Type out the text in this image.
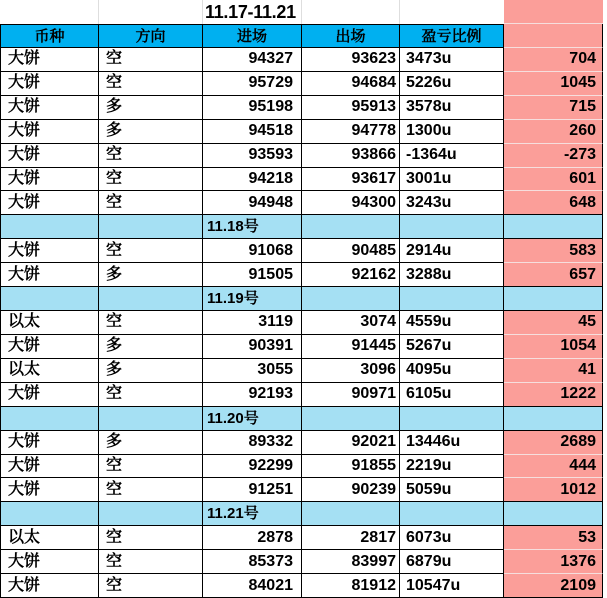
11.17-11.21
币种	方向	进场	出场	盈亏比例
大饼	空	94327	93623 3473u	704
大饼	空	95729	94684 5226u	1045
大饼	多	95198	95913 3578u	715
大饼	多	94518	94778 1300u	260
大饼	空	93593	93866 -1364u	-273
大饼	空	94218	93617 3001u	601
大饼	空	94948	94300 3243u	648
11.18号
大饼	空	91068	90485 2914u	583
大饼	多	91505	92162 3288u	657
11.19号
以太	空	3119	3074 4559u	45
大饼	多	90391	91445 5267u	1054
以太	多	3055	3096 4095u	41
大饼	空	92193	90971 6105u	1222
11.20号
大饼	多	89332	92021 13446u	2689
大饼	空	92299	91855 2219u	444
大饼	空	91251	90239 5059u	1012
11.21号
以太	空	2878	2817 6073u	53
大饼	空	85373	83997 6879u	1376
大饼	空	84021	81912 10547u	2109
